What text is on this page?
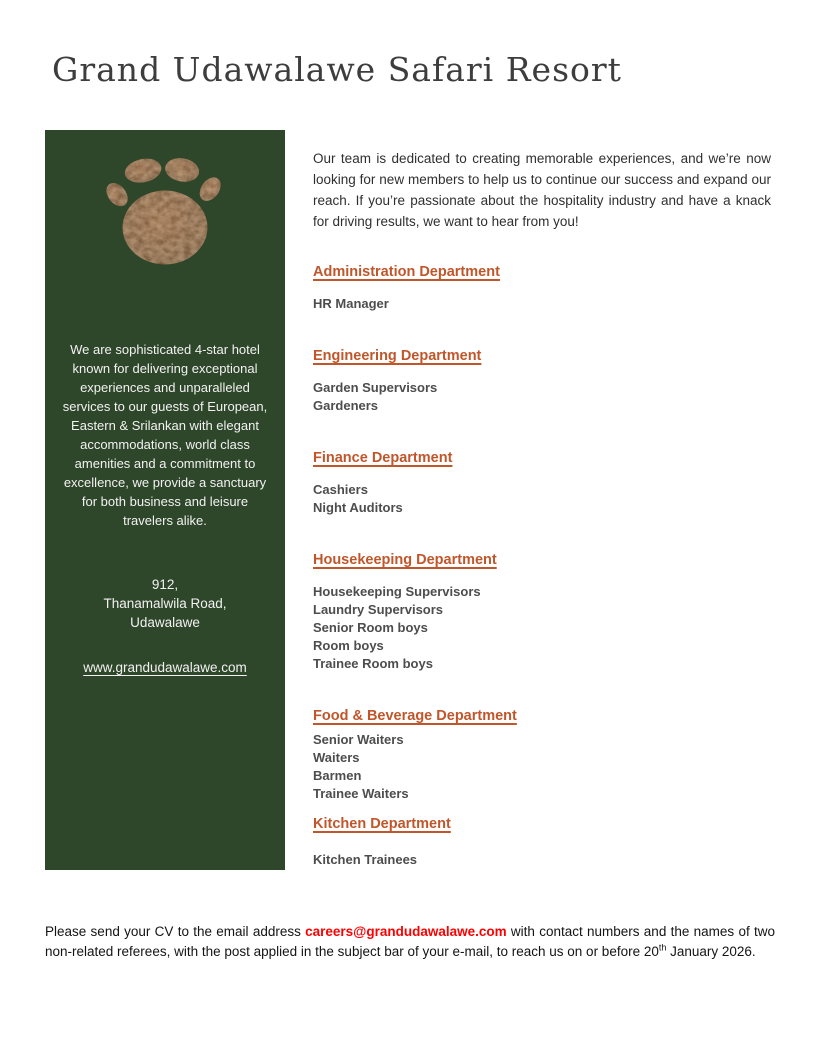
Grand Udawalawe Safari Resort

We are sophisticated 4-star hotel known for delivering exceptional experiences and unparalleled services to our guests of European, Eastern & Srilankan with elegant accommodations, world class amenities and a commitment to excellence, we provide a sanctuary for both business and leisure travelers alike.

912,
Thanamalwila Road,
Udawalawe
www.grandudawalawe.com

Our team is dedicated to creating memorable experiences, and we’re now looking for new members to help us to continue our success and expand our reach. If you’re passionate about the hospitality industry and have a knack for driving results, we want to hear from you!

Administration Department
HR Manager
Engineering Department
Garden Supervisors
Gardeners
Finance Department
Cashiers
Night Auditors
Housekeeping Department
Housekeeping Supervisors
Laundry Supervisors
Senior Room boys
Room boys
Trainee Room boys
Food & Beverage Department
Senior Waiters
Waiters
Barmen
Trainee Waiters
Kitchen Department
Kitchen Trainees

Please send your CV to the email address careers@grandudawalawe.com with contact numbers and the names of two non-related referees, with the post applied in the subject bar of your e-mail, to reach us on or before 20th January 2026.
